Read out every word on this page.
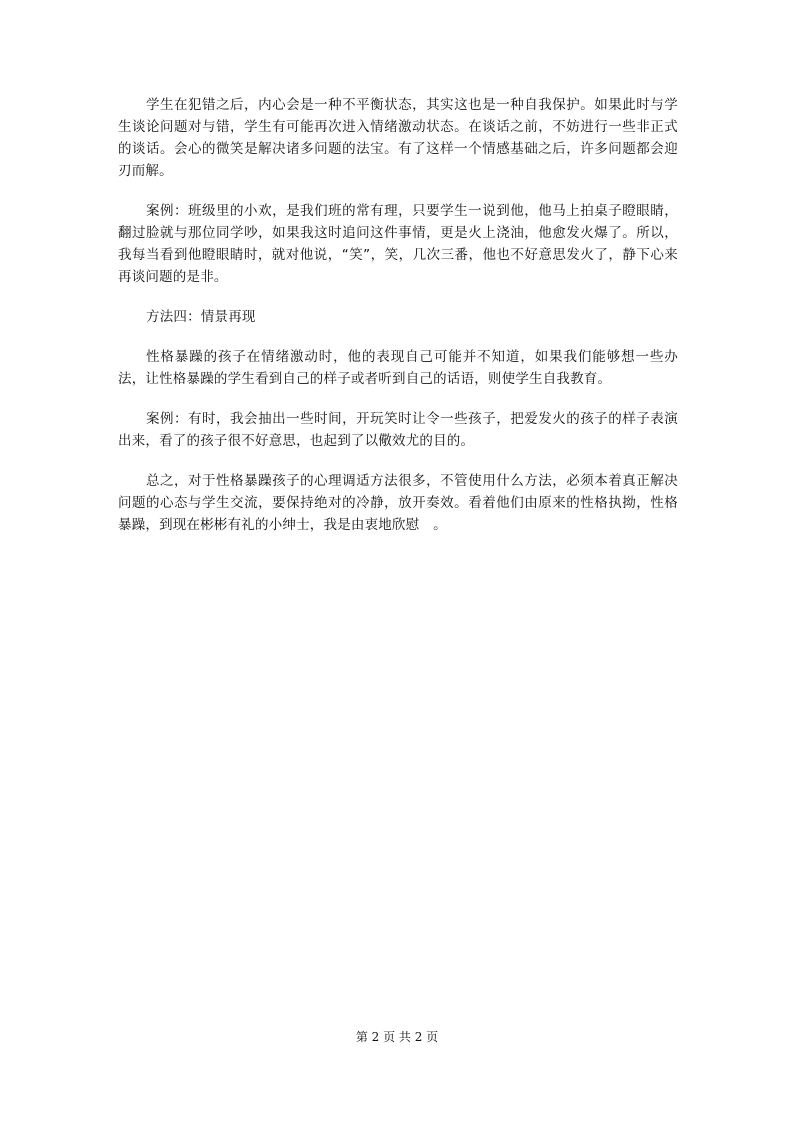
学生在犯错之后，内心会是一种不平衡状态，其实这也是一种自我保护。如果此时与学生谈论问题对与错，学生有可能再次进入情绪激动状态。在谈话之前，不妨进行一些非正式的谈话。会心的微笑是解决诸多问题的法宝。有了这样一个情感基础之后，许多问题都会迎刃而解。

案例：班级里的小欢，是我们班的常有理，只要学生一说到他，他马上拍桌子瞪眼睛，翻过脸就与那位同学吵，如果我这时追问这件事情，更是火上浇油，他愈发火爆了。所以，我每当看到他瞪眼睛时，就对他说，“笑”，笑，几次三番，他也不好意思发火了，静下心来再谈问题的是非。

方法四：情景再现

性格暴躁的孩子在情绪激动时，他的表现自己可能并不知道，如果我们能够想一些办法，让性格暴躁的学生看到自己的样子或者听到自己的话语，则使学生自我教育。

案例：有时，我会抽出一些时间，开玩笑时让令一些孩子，把爱发火的孩子的样子表演出来，看了的孩子很不好意思，也起到了以儆效尤的目的。

总之，对于性格暴躁孩子的心理调适方法很多，不管使用什么方法，必须本着真正解决问题的心态与学生交流，要保持绝对的冷静，放开奏效。看着他们由原来的性格执拗，性格暴躁，到现在彬彬有礼的小绅士，我是由衷地欣慰　。

第 2 页 共 2 页
